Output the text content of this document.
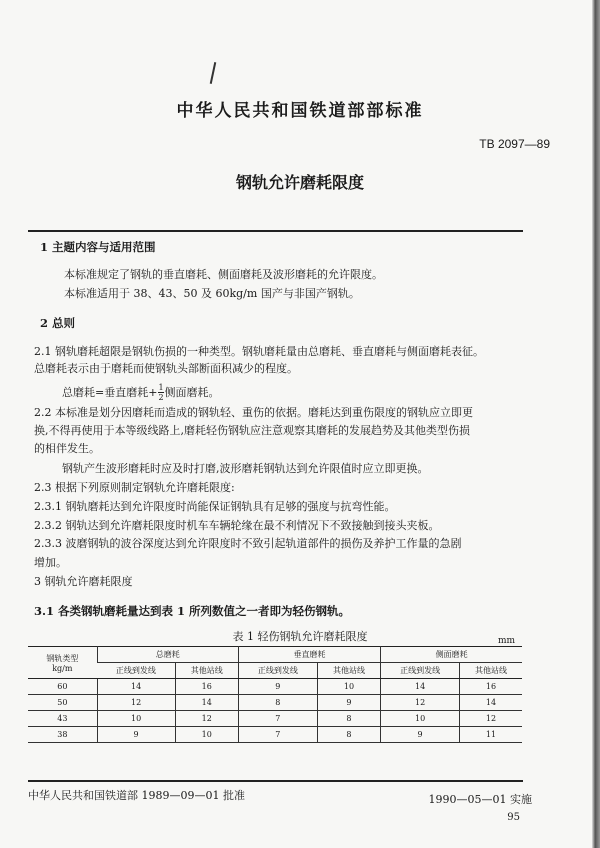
中华人民共和国铁道部部标准
TB 2097—89
钢轨允许磨耗限度
1 主题内容与适用范围
本标准规定了钢轨的垂直磨耗、侧面磨耗及波形磨耗的允许限度。
本标准适用于 38、43、50 及 60kg/m 国产与非国产钢轨。
2 总则
2.1 钢轨磨耗超限是钢轨伤损的一种类型。钢轨磨耗量由总磨耗、垂直磨耗与侧面磨耗表征。
总磨耗表示由于磨耗而使钢轨头部断面积减少的程度。
总磨耗=垂直磨耗+ $\frac{1}{2}$ 侧面磨耗。
2.2 本标准是划分因磨耗而造成的钢轨轻、重伤的依据。磨耗达到重伤限度的钢轨应立即更
换,不得再使用于本等级线路上,磨耗轻伤钢轨应注意观察其磨耗的发展趋势及其他类型伤损
的相伴发生。
钢轨产生波形磨耗时应及时打磨,波形磨耗钢轨达到允许限值时应立即更换。
2.3 根据下列原则制定钢轨允许磨耗限度:
2.3.1 钢轨磨耗达到允许限度时尚能保证钢轨具有足够的强度与抗弯性能。
2.3.2 钢轨达到允许磨耗限度时机车车辆轮缘在最不利情况下不致接触到接头夹板。
2.3.3 波磨钢轨的波谷深度达到允许限度时不致引起轨道部件的损伤及养护工作量的急剧
增加。
3 钢轨允许磨耗限度
3.1 各类钢轨磨耗量达到表 1 所列数值之一者即为轻伤钢轨。
表 1 轻伤钢轨允许磨耗限度	mm
钢轨类型
kg/m	总磨耗		垂直磨耗		侧面磨耗	
	正线到发线	其他站线	正线到发线	其他站线	正线到发线	其他站线
60	14	16	9	10	14	16
50	12	14	8	9	12	14
43	10	12	7	8	10	12
38	9	10	7	8	9	11
中华人民共和国铁道部 1989—09—01 批准	1990—05—01 实施
95
